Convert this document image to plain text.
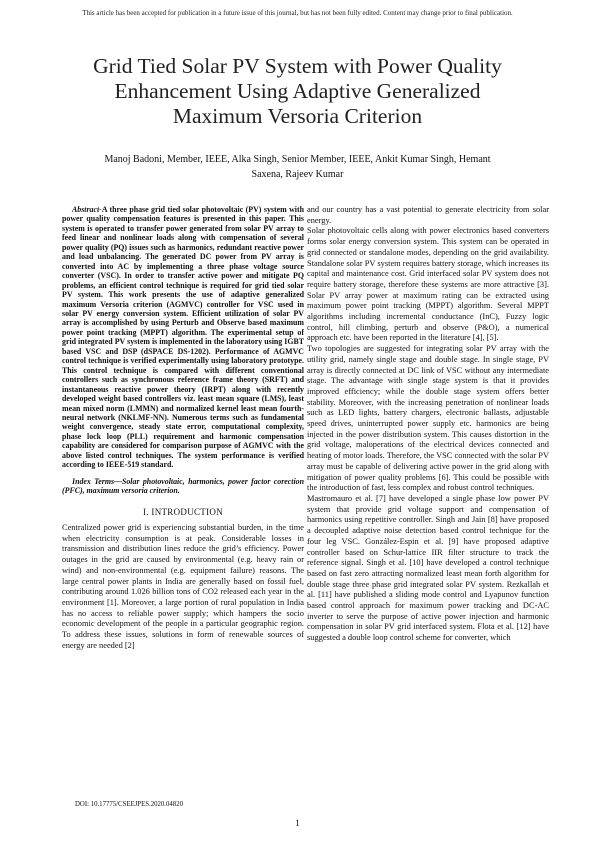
This article has been accepted for publication in a future issue of this journal, but has not been fully edited. Content may change prior to final publication.
Grid Tied Solar PV System with Power Quality
Enhancement Using Adaptive Generalized
Maximum Versoria Criterion
Manoj Badoni, Member, IEEE, Alka Singh, Senior Member, IEEE, Ankit Kumar Singh, Hemant
Saxena, Rajeev Kumar

Abstract-A three phase grid tied solar photovoltaic (PV) system with power quality compensation features is presented in this paper. This system is operated to transfer power generated from solar PV array to feed linear and nonlinear loads along with compensation of several power quality (PQ) issues such as harmonics, redundant reactive power and load unbalancing. The generated DC power from PV array is converted into AC by implementing a three phase voltage source converter (VSC). In order to transfer active power and mitigate PQ problems, an efficient control technique is required for grid tied solar PV system. This work presents the use of adaptive generalized maximum Versoria criterion (AGMVC) controller for VSC used in solar PV energy conversion system. Efficient utilization of solar PV array is accomplished by using Perturb and Observe based maximum power point tracking (MPPT) algorithm. The experimental setup of grid integrated PV system is implemented in the laboratory using IGBT based VSC and DSP (dSPACE DS-1202). Performance of AGMVC control technique is verified experimentally using laboratory prototype. This control technique is compared with different conventional controllers such as synchronous reference frame theory (SRFT) and instantaneous reactive power theory (IRPT) along with recently developed weight based controllers viz. least mean square (LMS), least mean mixed norm (LMMN) and normalized kernel least mean fourth-neural network (NKLMF-NN). Numerous terms such as fundamental weight convergence, steady state error, computational complexity, phase lock loop (PLL) requirement and harmonic compensation capability are considered for comparison purpose of AGMVC with the above listed control techniques. The system performance is verified according to IEEE-519 standard.

Index Terms—Solar photovoltaic, harmonics, power factor corection (PFC), maximum versoria criterion.

I. INTRODUCTION

Centralized power grid is experiencing substantial burden, in the time when electricity consumption is at peak. Considerable losses in transmission and distribution lines reduce the grid’s efficiency. Power outages in the grid are caused by environmental (e.g. heavy rain or wind) and non-environmental (e.g. equipment failure) reasons. The large central power plants in India are generally based on fossil fuel, contributing around 1.026 billion tons of CO2 released each year in the environment [1]. Moreover, a large portion of rural population in India has no access to reliable power supply; which hampers the socio economic development of the people in a particular geographic region. To address these issues, solutions in form of renewable sources of energy are needed [2]

and our country has a vast potential to generate electricity from solar energy.

Solar photovoltaic cells along with power electronics based converters forms solar energy conversion system. This system can be operated in grid connected or standalone modes, depending on the grid availability. Standalone solar PV system requires battery storage, which increases its capital and maintenance cost. Grid interfaced solar PV system does not require battery storage, therefore these systems are more attractive [3]. Solar PV array power at maximum rating can be extracted using maximum power point tracking (MPPT) algorithm. Several MPPT algorithms including incremental conductance (InC), Fuzzy logic control, hill climbing, perturb and observe (P&O), a numerical approach etc. have been reported in the literature [4], [5].

Two topologies are suggested for integrating solar PV array with the utility grid, namely single stage and double stage. In single stage, PV array is directly connected at DC link of VSC without any intermediate stage. The advantage with single stage system is that it provides improved efficiency; while the double stage system offers better stability. Moreover, with the increasing penetration of nonlinear loads such as LED lights, battery chargers, electronic ballasts, adjustable speed drives, uninterrupted power supply etc. harmonics are being injected in the power distribution system. This causes distortion in the grid voltage, maloperations of the electrical devices connected and heating of motor loads. Therefore, the VSC connected with the solar PV array must be capable of delivering active power in the grid along with mitigation of power quality problems [6]. This could be possible with the introduction of fast, less complex and robust control techniques.

Mastromauro et al. [7] have developed a single phase low power PV system that provide grid voltage support and compensation of harmonics using repetitive controller. Singh and Jain [8] have proposed a decoupled adaptive noise detection based control technique for the four leg VSC. González-Espin et al. [9] have proposed adaptive controller based on Schur-lattice IIR filter structure to track the reference signal. Singh et al. [10] have developed a control technique based on fast zero attracting normalized least mean forth algorithm for double stage three phase grid integrated solar PV system. Rezkallah et al. [11] have published a sliding mode control and Lyapunov function based control approach for maximum power tracking and DC-AC inverter to serve the purpose of active power injection and harmonic compensation in solar PV grid interfaced system. Flota et al. [12] have suggested a double loop control scheme for converter, which

DOI: 10.17775/CSEEJPES.2020.04820
1
